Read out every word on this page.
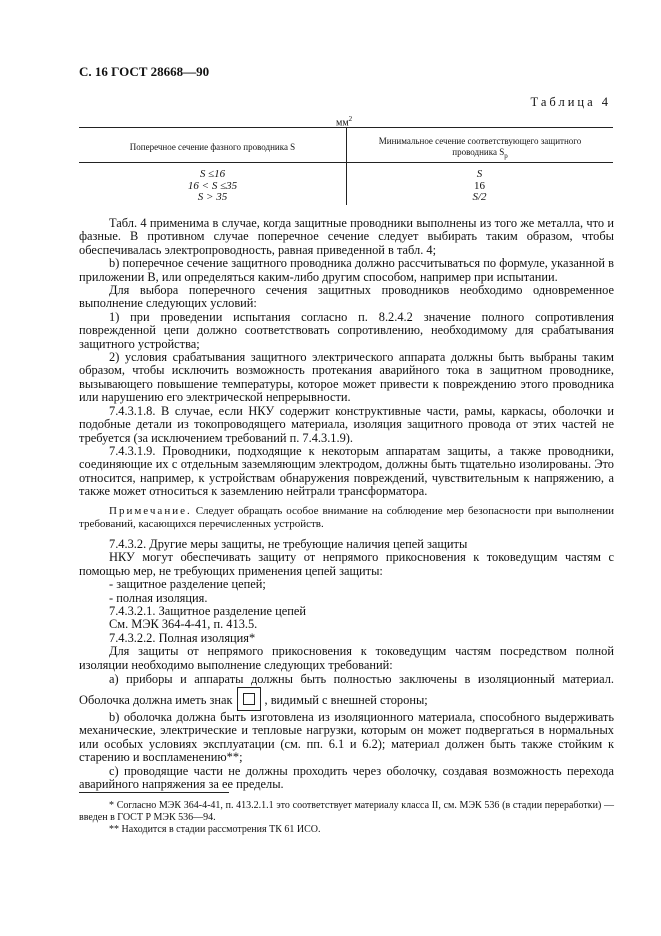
С. 16 ГОСТ 28668—90
Таблица 4
$мм^2$
Поперечное сечение фазного проводника S
Минимальное сечение соответствующего защитного
проводника $S_p$
S ≤16
16 < S ≤35
S > 35
S
16
S/2

Табл. 4 применима в случае, когда защитные проводники выполнены из того же металла, что и фазные. В противном случае поперечное сечение следует выбирать таким образом, чтобы обеспечивалась электропроводность, равная приведенной в табл. 4;

b) поперечное сечение защитного проводника должно рассчитываться по формуле, указанной в приложении В, или определяться каким-либо другим способом, например при испытании.

Для выбора поперечного сечения защитных проводников необходимо одновременное выполнение следующих условий:

1) при проведении испытания согласно п. 8.2.4.2 значение полного сопротивления поврежденной цепи должно соответствовать сопротивлению, необходимому для срабатывания защитного устройства;

2) условия срабатывания защитного электрического аппарата должны быть выбраны таким образом, чтобы исключить возможность протекания аварийного тока в защитном проводнике, вызывающего повышение температуры, которое может привести к повреждению этого проводника или нарушению его электрической непрерывности.

7.4.3.1.8. В случае, если НКУ содержит конструктивные части, рамы, каркасы, оболочки и подобные детали из токопроводящего материала, изоляция защитного провода от этих частей не требуется (за исключением требований п. 7.4.3.1.9).

7.4.3.1.9. Проводники, подходящие к некоторым аппаратам защиты, а также проводники, соединяющие их с отдельным заземляющим электродом, должны быть тщательно изолированы. Это относится, например, к устройствам обнаружения повреждений, чувствительным к напряжению, а также может относиться к заземлению нейтрали трансформатора.

Примечание. Следует обращать особое внимание на соблюдение мер безопасности при выполнении требований, касающихся перечисленных устройств.

7.4.3.2. Другие меры защиты, не требующие наличия цепей защиты

НКУ могут обеспечивать защиту от непрямого прикосновения к токоведущим частям с помощью мер, не требующих применения цепей защиты:

- защитное разделение цепей;

- полная изоляция.

7.4.3.2.1. Защитное разделение цепей

См. МЭК 364-4-41, п. 413.5.

7.4.3.2.2. Полная изоляция*

Для защиты от непрямого прикосновения к токоведущим частям посредством полной изоляции необходимо выполнение следующих требований:

a) приборы и аппараты должны быть полностью заключены в изоляционный материал. Оболочка должна иметь знак	, видимый с внешней стороны;

b) оболочка должна быть изготовлена из изоляционного материала, способного выдерживать механические, электрические и тепловые нагрузки, которым он может подвергаться в нормальных или особых условиях эксплуатации (см. пп. 6.1 и 6.2); материал должен быть также стойким к старению и воспламенению**;

c) проводящие части не должны проходить через оболочку, создавая возможность перехода аварийного напряжения за ее пределы.

* Согласно МЭК 364-4-41, п. 413.2.1.1 это соответствует материалу класса II, см. МЭК 536 (в стадии переработки) — введен в ГОСТ Р МЭК 536—94.

** Находится в стадии рассмотрения ТК 61 ИСО.
